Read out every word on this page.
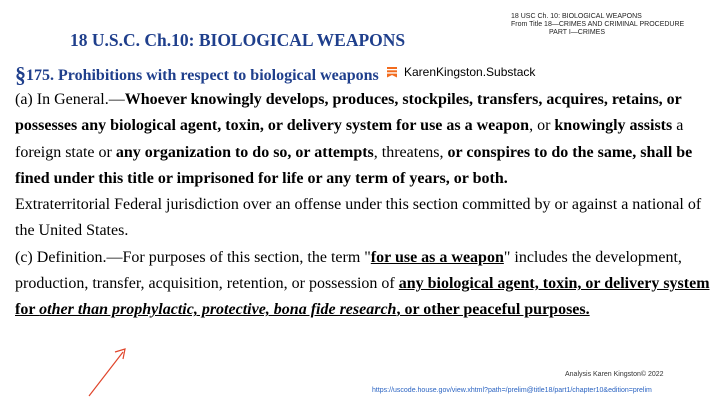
18 U.S.C. Ch.10: BIOLOGICAL WEAPONS
18 USC Ch. 10: BIOLOGICAL WEAPONS
From Title 18—CRIMES AND CRIMINAL PROCEDURE
PART I—CRIMES
§175. Prohibitions with respect to biological weapons KarenKingston.Substack

(a) In General.—Whoever knowingly develops, produces, stockpiles, transfers, acquires, retains, or possesses any biological agent, toxin, or delivery system for use as a weapon, or knowingly assists a foreign state or any organization to do so, or attempts, threatens, or conspires to do the same, shall be fined under this title or imprisoned for life or any term of years, or both.

Extraterritorial Federal jurisdiction over an offense under this section committed by or against a national of the United States.

(c) Definition.—For purposes of this section, the term "for use as a weapon" includes the development, production, transfer, acquisition, retention, or possession of any biological agent, toxin, or delivery system for other than prophylactic, protective, bona fide research, or other peaceful purposes.

Analysis Karen Kingston© 2022
https://uscode.house.gov/view.xhtml?path=/prelim@title18/part1/chapter10&edition=prelim
